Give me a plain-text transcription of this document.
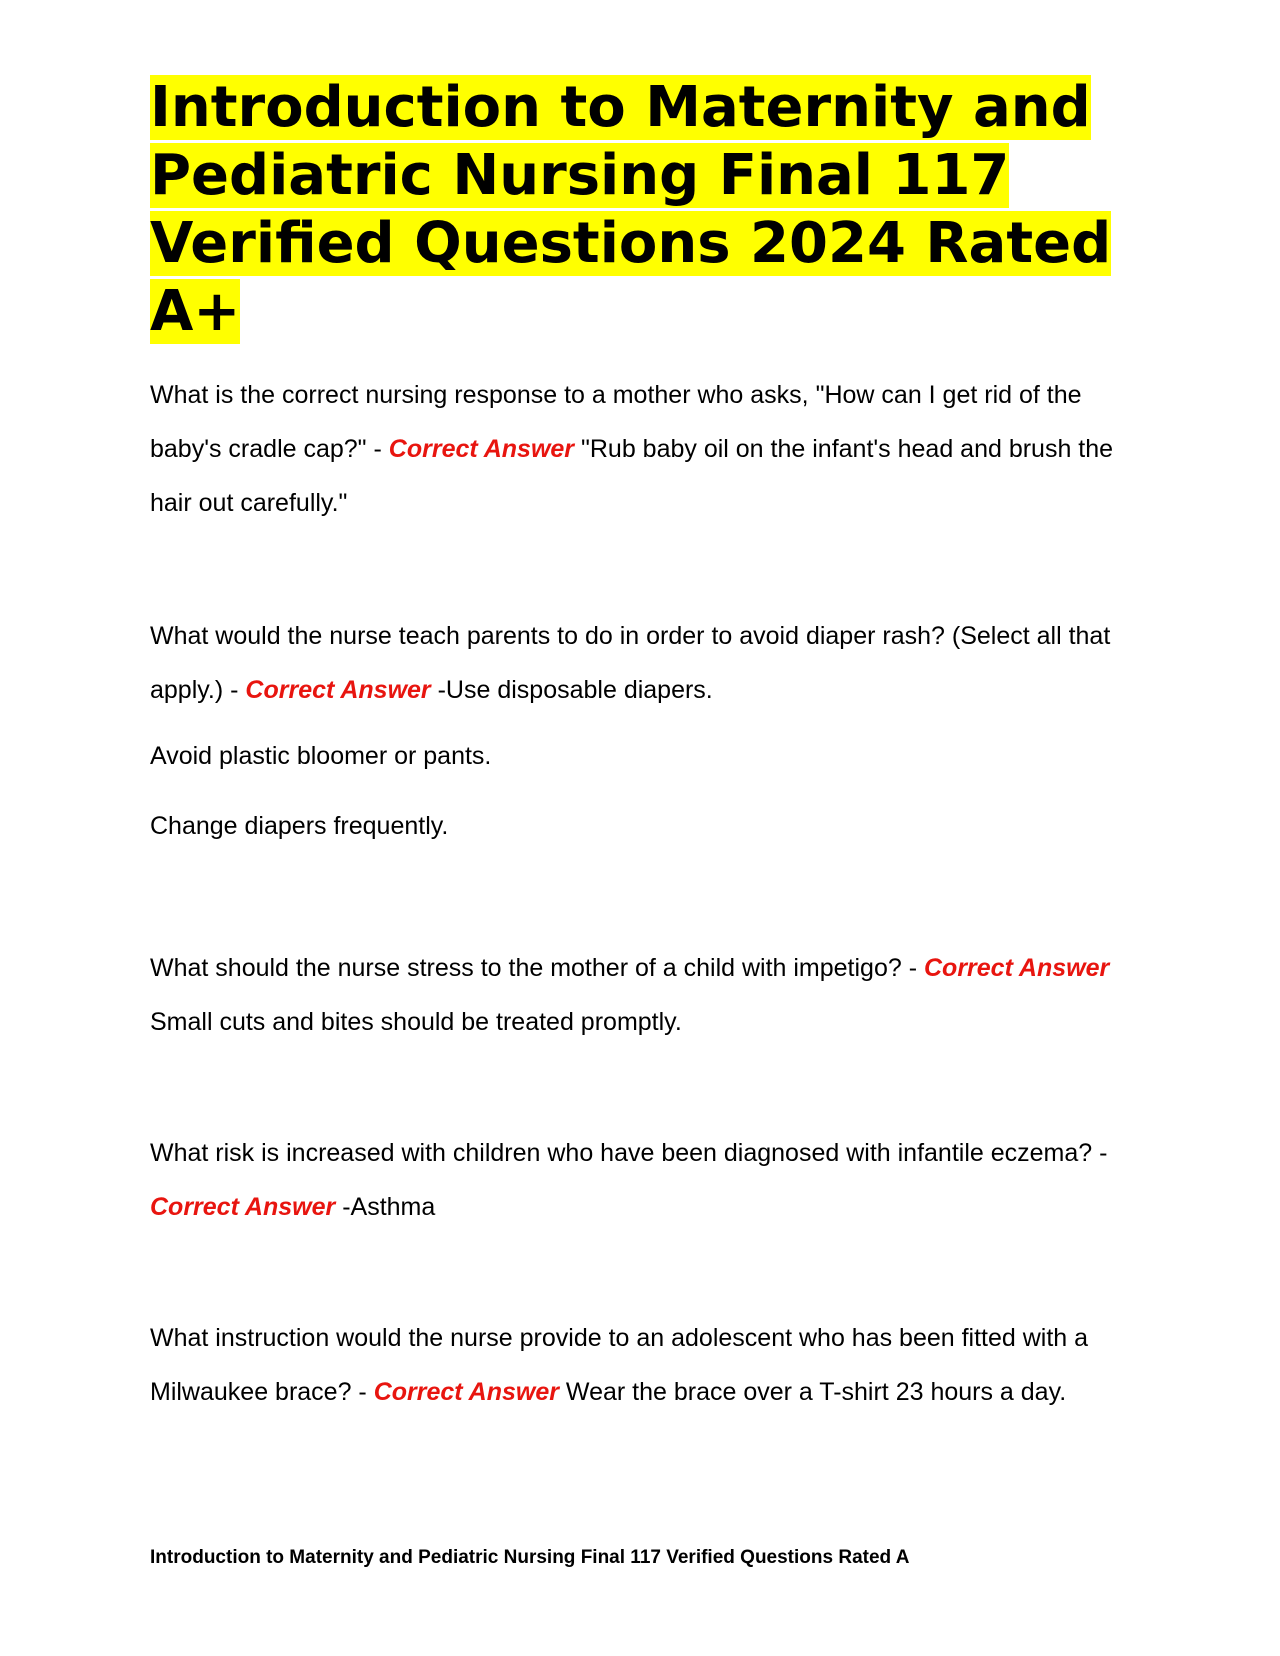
Introduction to Maternity and Pediatric Nursing Final 117 Verified Questions 2024 Rated A+

What is the correct nursing response to a mother who asks, "How can I get rid of the baby's cradle cap?" - Correct Answer "Rub baby oil on the infant's head and brush the hair out carefully."

What would the nurse teach parents to do in order to avoid diaper rash? (Select all that apply.) - Correct Answer -Use disposable diapers.

Avoid plastic bloomer or pants.

Change diapers frequently.

What should the nurse stress to the mother of a child with impetigo? - Correct Answer Small cuts and bites should be treated promptly.

What risk is increased with children who have been diagnosed with infantile eczema? - Correct Answer -Asthma

What instruction would the nurse provide to an adolescent who has been fitted with a Milwaukee brace? - Correct Answer Wear the brace over a T-shirt 23 hours a day.

Introduction to Maternity and Pediatric Nursing Final 117 Verified Questions Rated A
